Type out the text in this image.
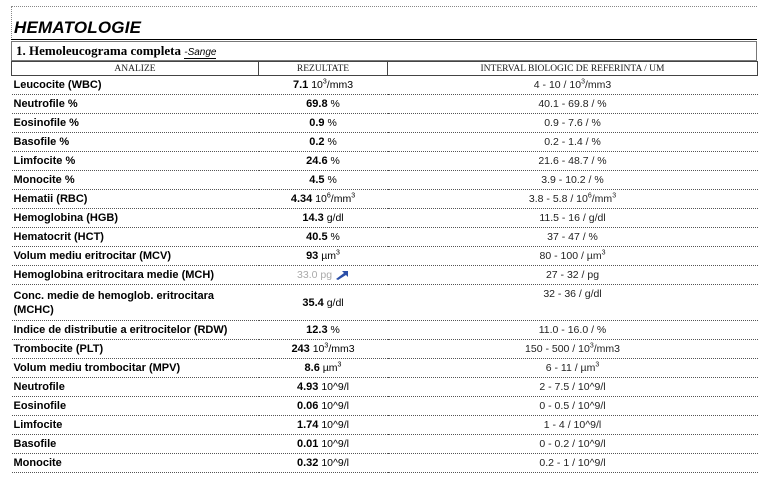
HEMATOLOGIE
1. Hemoleucograma completa -Sange
ANALIZE	REZULTATE	INTERVAL BIOLOGIC DE REFERINTA / UM
Leucocite (WBC)	7.1 $10^3/mm3$	$4 - 10 / 10^3/mm3$
Neutrofile %	69.8 %	40.1 - 69.8 / %
Eosinofile %	0.9 %	0.9 - 7.6 / %
Basofile %	0.2 %	0.2 - 1.4 / %
Limfocite %	24.6 %	21.6 - 48.7 / %
Monocite %	4.5 %	3.9 - 10.2 / %
Hematii (RBC)	4.34 $10^6/mm^3$	$3.8 - 5.8 / 10^6/mm^3$
Hemoglobina (HGB)	14.3 g/dl	11.5 - 16 / g/dl
Hematocrit (HCT)	40.5 %	37 - 47 / %
Volum mediu eritrocitar (MCV)	93 µm$^3$	80 - 100 / µm$^3$
Hemoglobina eritrocitara medie (MCH)	33.0 pg	27 - 32 / pg
Conc. medie de hemoglob. eritrocitara (MCHC)	35.4 g/dl	32 - 36 / g/dl
Indice de distributie a eritrocitelor (RDW)	12.3 %	11.0 - 16.0 / %
Trombocite (PLT)	243 $10^3/mm3$	$150 - 500 / 10^3/mm3$
Volum mediu trombocitar (MPV)	8.6 µm$^3$	6 - 11 / µm$^3$
Neutrofile	4.93 10^9/l	2 - 7.5 / 10^9/l
Eosinofile	0.06 10^9/l	0 - 0.5 / 10^9/l
Limfocite	1.74 10^9/l	1 - 4 / 10^9/l
Basofile	0.01 10^9/l	0 - 0.2 / 10^9/l
Monocite	0.32 10^9/l	0.2 - 1 / 10^9/l
